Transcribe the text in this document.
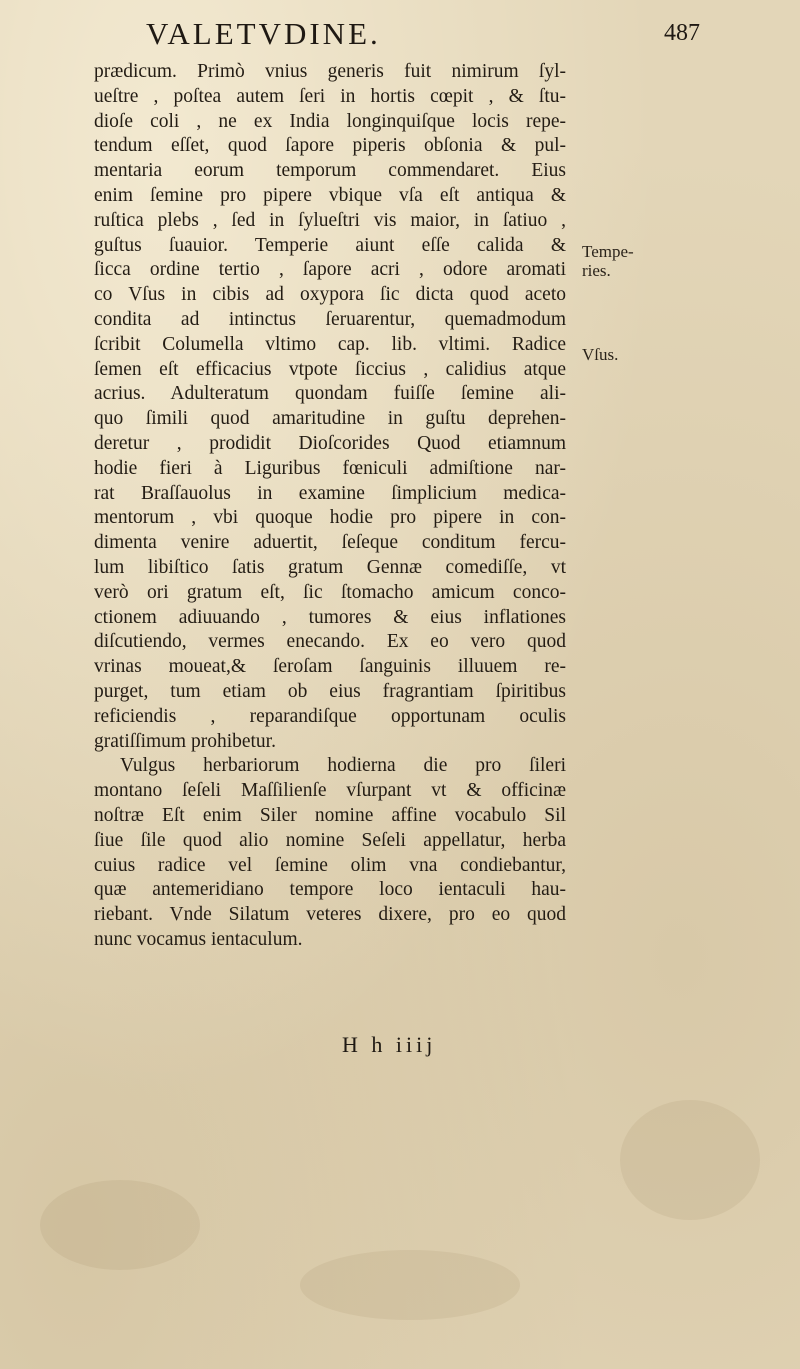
VALETVDINE.	487
prædicum. Primò vnius generis fuit nimirum ſyl-
ueſtre , poſtea autem ſeri in hortis cœpit , & ſtu-
dioſe coli , ne ex India longinquiſque locis repe-
tendum eſſet, quod ſapore piperis obſonia & pul-
mentaria eorum temporum commendaret. Eius
enim ſemine pro pipere vbique vſa eſt antiqua &
ruſtica plebs , ſed in ſylueſtri vis maior, in ſatiuo ,
guſtus ſuauior. Temperie aiunt eſſe calida &
ſicca ordine tertio , ſapore acri , odore aromati
co Vſus in cibis ad oxypora ſic dicta quod aceto
condita ad intinctus ſeruarentur, quemadmodum
ſcribit Columella vltimo cap. lib. vltimi. Radice
ſemen eſt efficacius vtpote ſiccius , calidius atque
acrius. Adulteratum quondam fuiſſe ſemine ali-
quo ſimili quod amaritudine in guſtu deprehen-
deretur , prodidit Dioſcorides Quod etiamnum
hodie fieri à Liguribus fœniculi admiſtione nar-
rat Braſſauolus in examine ſimplicium medica-
mentorum , vbi quoque hodie pro pipere in con-
dimenta venire aduertit, ſeſeque conditum fercu-
lum libiſtico ſatis gratum Gennæ comediſſe, vt
verò ori gratum eſt, ſic ſtomacho amicum conco-
ctionem adiuuando , tumores & eius inflationes
diſcutiendo, vermes enecando. Ex eo vero quod
vrinas moueat,& ſeroſam ſanguinis illuuem re-
purget, tum etiam ob eius fragrantiam ſpiritibus
reficiendis , reparandiſque opportunam oculis
gratiſſimum prohibetur.
Vulgus herbariorum hodierna die pro ſileri
montano ſeſeli Maſſilienſe vſurpant vt & officinæ
noſtræ Eſt enim Siler nomine affine vocabulo Sil
ſiue ſile quod alio nomine Seſeli appellatur, herba
cuius radice vel ſemine olim vna condiebantur,
quæ antemeridiano tempore loco ientaculi hau-
riebant. Vnde Silatum veteres dixere, pro eo quod
nunc vocamus ientaculum.
Tempe-
ries.
Vſus.
H h iiij
